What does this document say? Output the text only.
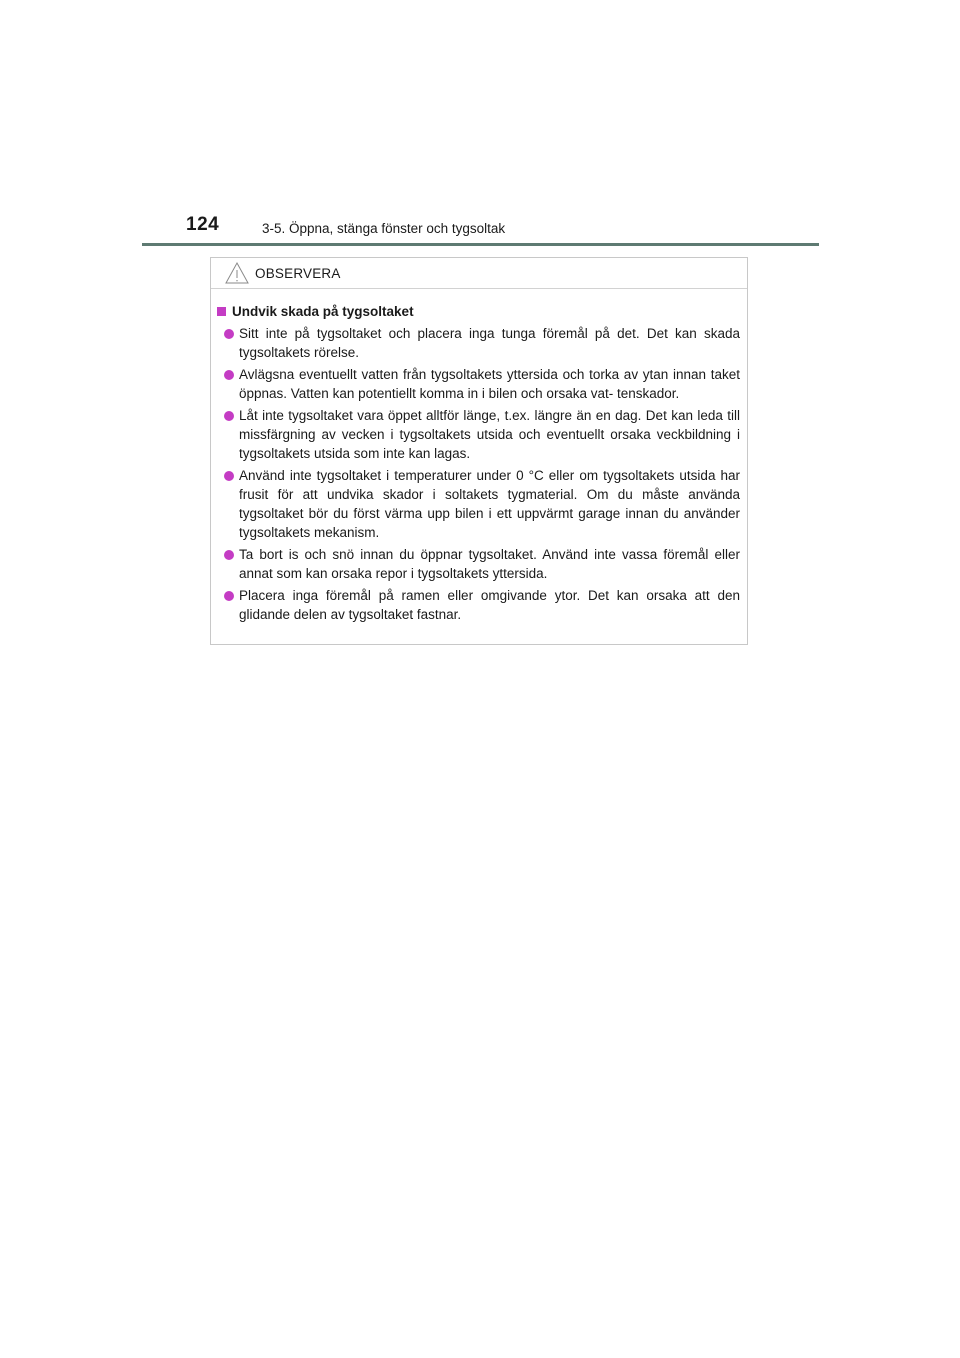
124	3-5. Öppna, stänga fönster och tygsoltak
OBSERVERA
Undvik skada på tygsoltaket
Sitt inte på tygsoltaket och placera inga tunga föremål på det. Det kan skada tygsoltakets rörelse.
Avlägsna eventuellt vatten från tygsoltakets yttersida och torka av ytan innan taket öppnas. Vatten kan potentiellt komma in i bilen och orsaka vat- tenskador.
Låt inte tygsoltaket vara öppet alltför länge, t.ex. längre än en dag. Det kan leda till missfärgning av vecken i tygsoltakets utsida och eventuellt orsaka veckbildning i tygsoltakets utsida som inte kan lagas.
Använd inte tygsoltaket i temperaturer under 0 °C eller om tygsoltakets utsida har frusit för att undvika skador i soltakets tygmaterial. Om du måste använda tygsoltaket bör du först värma upp bilen i ett uppvärmt garage innan du använder tygsoltakets mekanism.
Ta bort is och snö innan du öppnar tygsoltaket. Använd inte vassa föremål eller annat som kan orsaka repor i tygsoltakets yttersida.
Placera inga föremål på ramen eller omgivande ytor. Det kan orsaka att den glidande delen av tygsoltaket fastnar.
